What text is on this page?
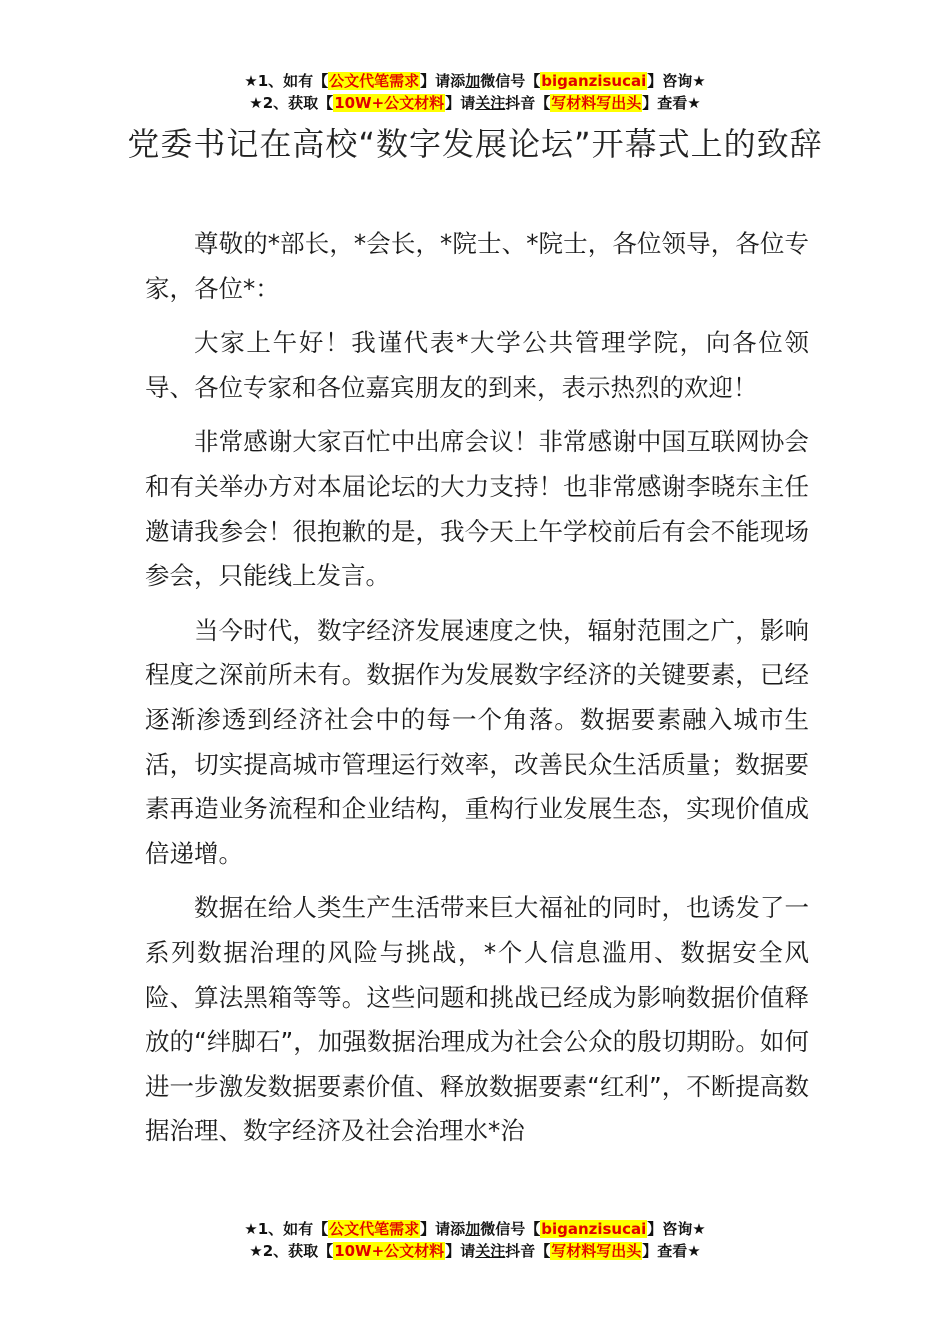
★1、如有【公文代笔需求】请添加微信号【biganzisucai】咨询★
★2、获取【10W+公文材料】请关注抖音【写材料写出头】查看★
党委书记在高校“数字发展论坛”开幕式上的致辞

尊敬的*部长，*会长，*院士、*院士，各位领导，各位专家，各位*：

大家上午好！我谨代表*大学公共管理学院，向各位领导、各位专家和各位嘉宾朋友的到来，表示热烈的欢迎！

非常感谢大家百忙中出席会议！非常感谢中国互联网协会和有关举办方对本届论坛的大力支持！也非常感谢李晓东主任邀请我参会！很抱歉的是，我今天上午学校前后有会不能现场参会，只能线上发言。

当今时代，数字经济发展速度之快，辐射范围之广，影响程度之深前所未有。数据作为发展数字经济的关键要素，已经逐渐渗透到经济社会中的每一个角落。数据要素融入城市生活，切实提高城市管理运行效率，改善民众生活质量；数据要素再造业务流程和企业结构，重构行业发展生态，实现价值成倍递增。

数据在给人类生产生活带来巨大福祉的同时，也诱发了一系列数据治理的风险与挑战，*个人信息滥用、数据安全风险、算法黑箱等等。这些问题和挑战已经成为影响数据价值释放的“绊脚石”，加强数据治理成为社会公众的殷切期盼。如何进一步激发数据要素价值、释放数据要素“红利”，不断提高数据治理、数字经济及社会治理水*治

★1、如有【公文代笔需求】请添加微信号【biganzisucai】咨询★
★2、获取【10W+公文材料】请关注抖音【写材料写出头】查看★
